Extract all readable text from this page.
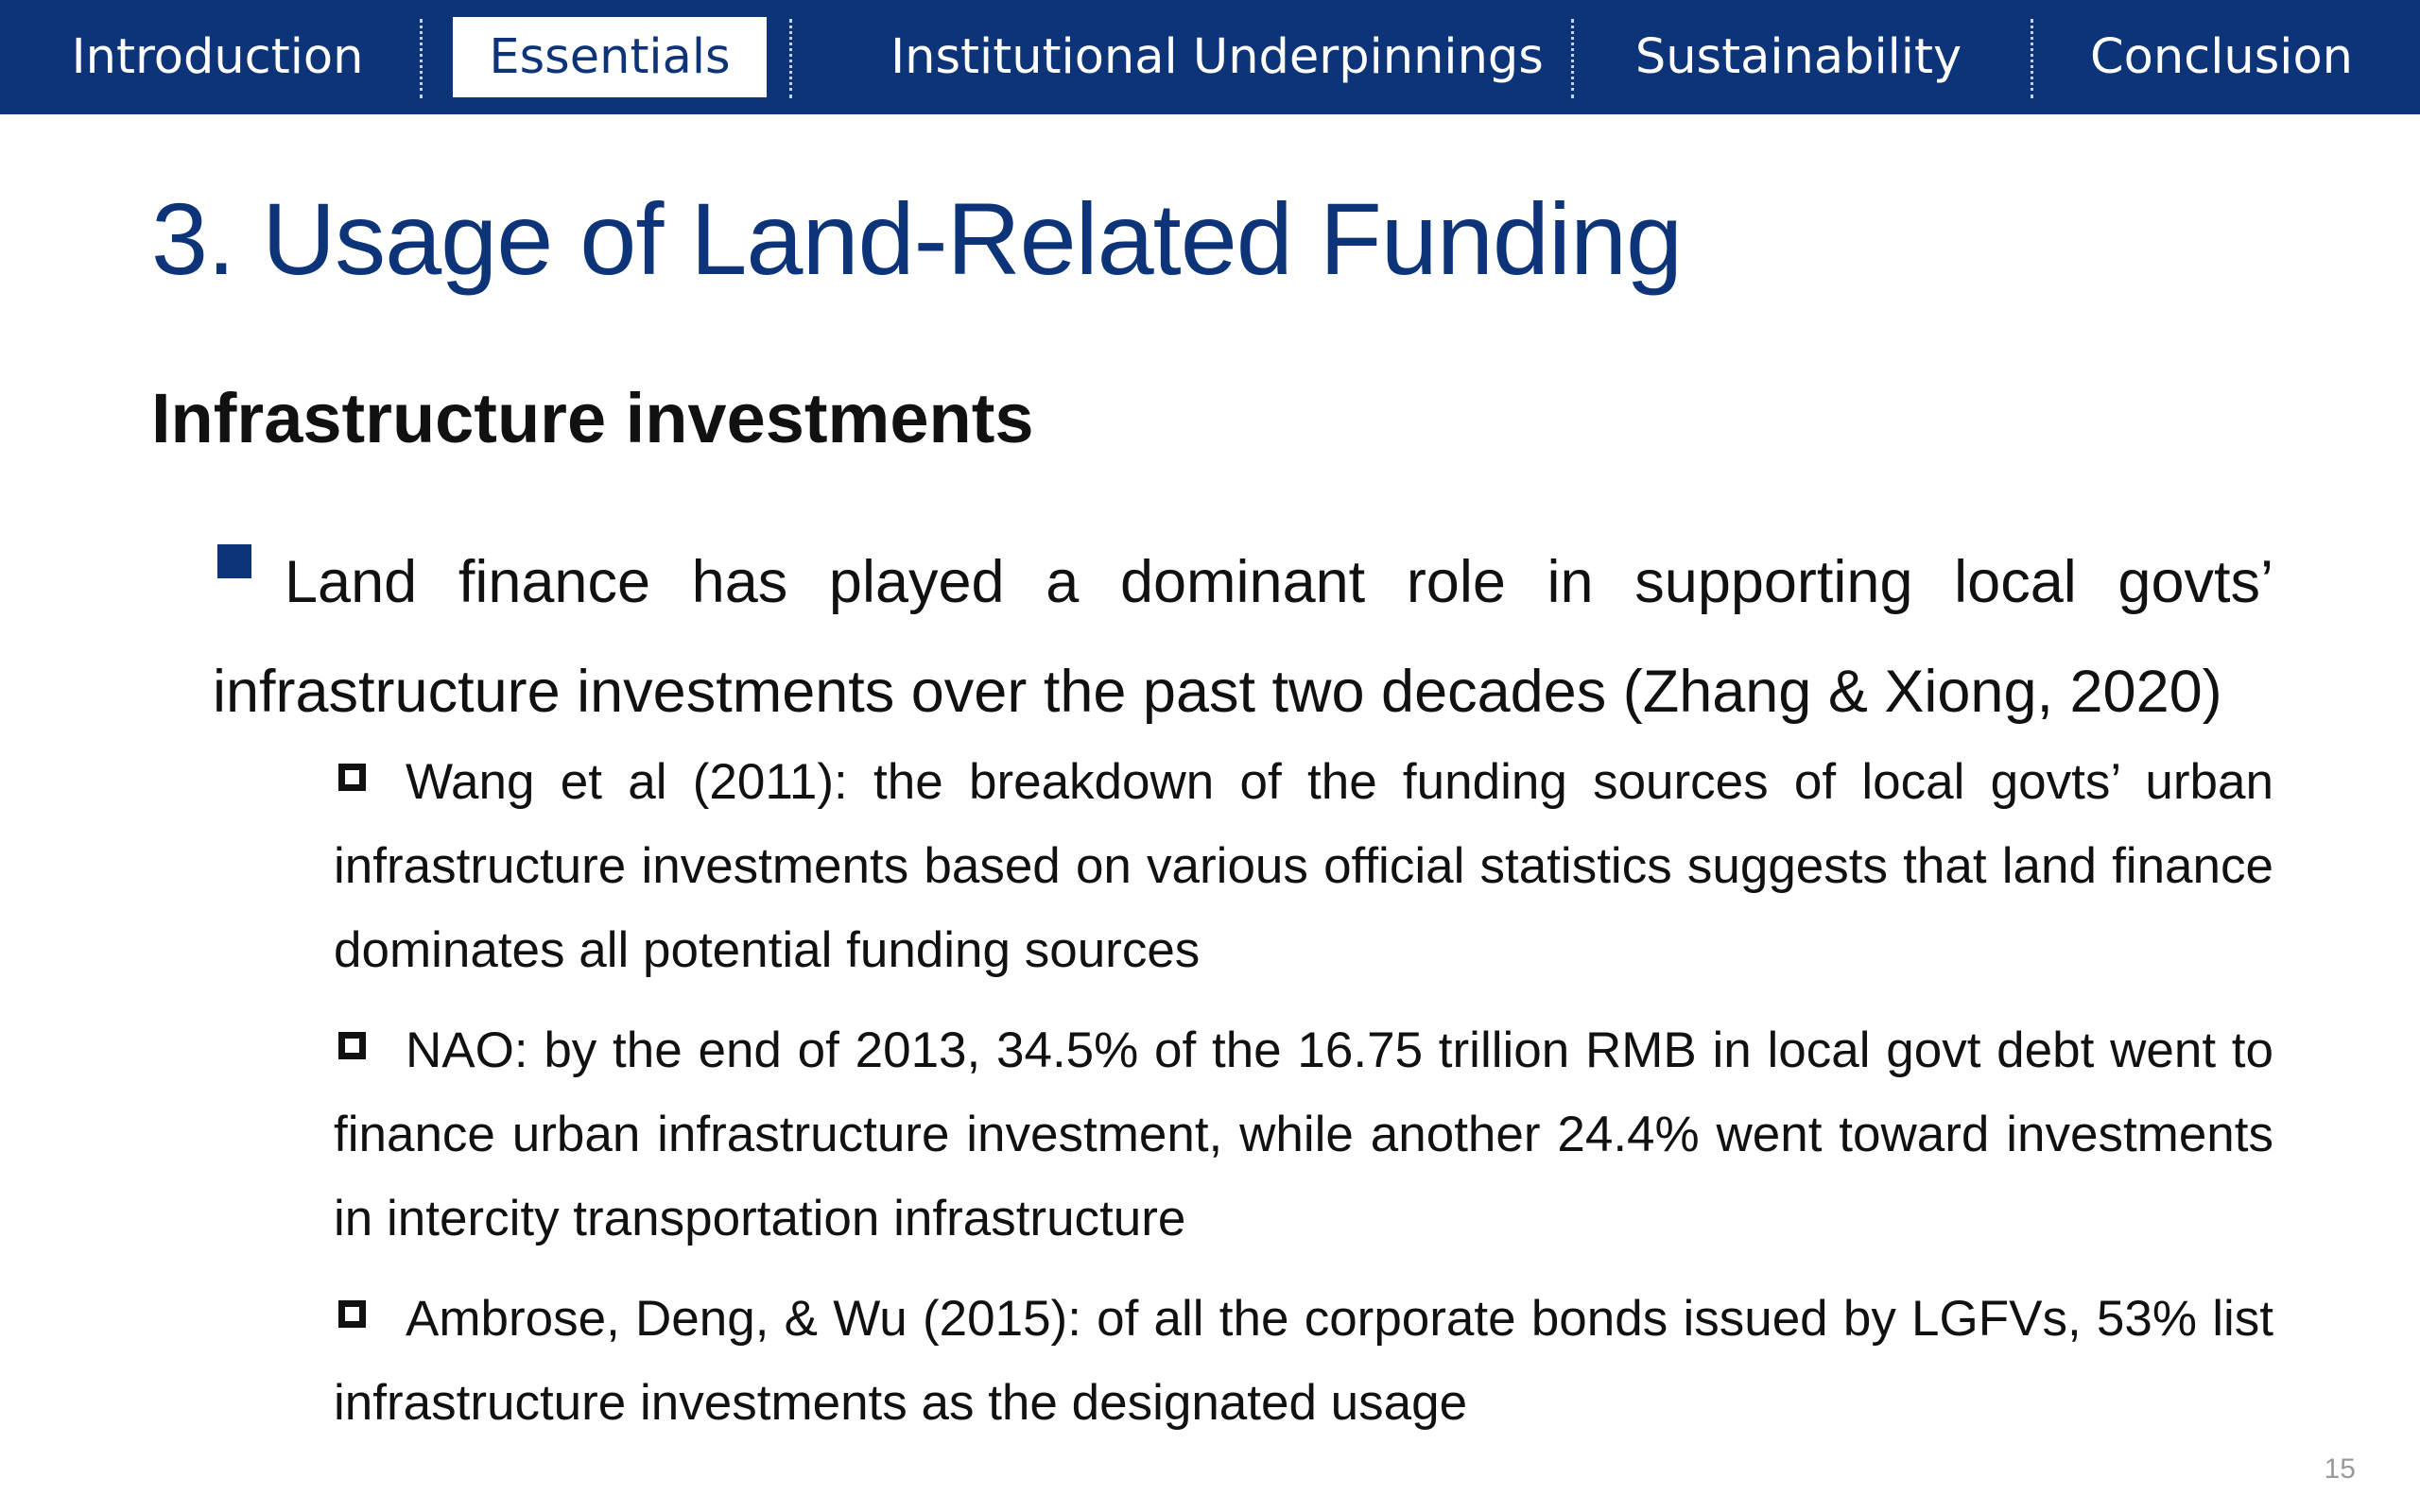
Introduction	Essentials	Institutional Underpinnings	Sustainability	Conclusion
3. Usage of Land-Related Funding
Infrastructure investments
Land finance has played a dominant role in supporting local govts’ infrastructure investments over the past two decades (Zhang & Xiong, 2020)
Wang et al (2011): the breakdown of the funding sources of local govts’ urban infrastructure investments based on various official statistics suggests that land finance dominates all potential funding sources
NAO: by the end of 2013, 34.5% of the 16.75 trillion RMB in local govt debt went to finance urban infrastructure investment, while another 24.4% went toward investments in intercity transportation infrastructure
Ambrose, Deng, & Wu (2015): of all the corporate bonds issued by LGFVs, 53% list infrastructure investments as the designated usage
15
